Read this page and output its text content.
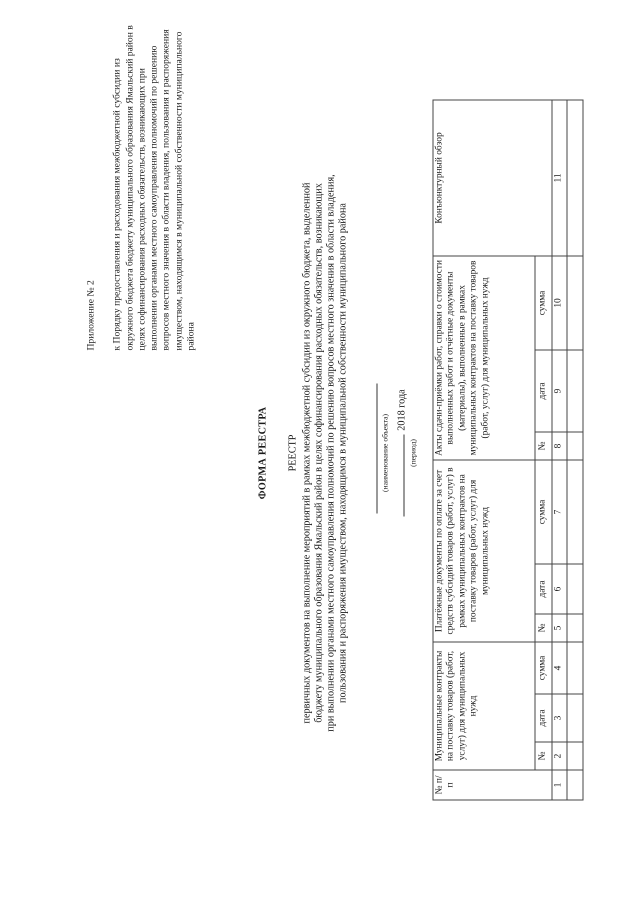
Приложение № 2 к Порядку предоставления и расходования межбюджетной субсидии из окружного бюджета бюджету муниципального образования Ямальский район в целях софинансирования расходных обязательств, возникающих при выполнении органами местного самоуправления полномочий по решению вопросов местного значения в области владения, пользования и распоряжения имуществом, находящимся в муниципальной собственности муниципального района
ФОРМА РЕЕСТРА РЕЕСТР первичных документов на выполнение мероприятий в рамках межбюджетной субсидии из окружного бюджета, выделенной бюджету муниципального образования Ямальский район в целях софинансирования расходных обязательств, возникающих при выполнении органами местного самоуправления полномочий по решению вопросов местного значения в области владения, пользования и распоряжения имуществом, находящимся в муниципальной собственности муниципального района	(наименование объекта)
2018 года
(период)
№ п/п	Муниципальные контракты на поставку товаров (работ, услуг) для муниципальных нужд			Платёжные документы по оплате за счет средств субсидий товаров (работ, услуг) в рамках муниципальных контрактов на поставку товаров (работ, услуг) для муниципальных нужд			Акты сдачи-приёмки работ, справки о стоимости выполненных работ и отчётные документы (материалы), выполненные в рамках муниципальных контрактов на поставку товаров (работ, услуг) для муниципальных нужд			Конъюнктурный обзор
	№	дата	сумма	№	дата	сумма	№	дата	сумма	
1	2	3	4	5	6	7	8	9	10	11
